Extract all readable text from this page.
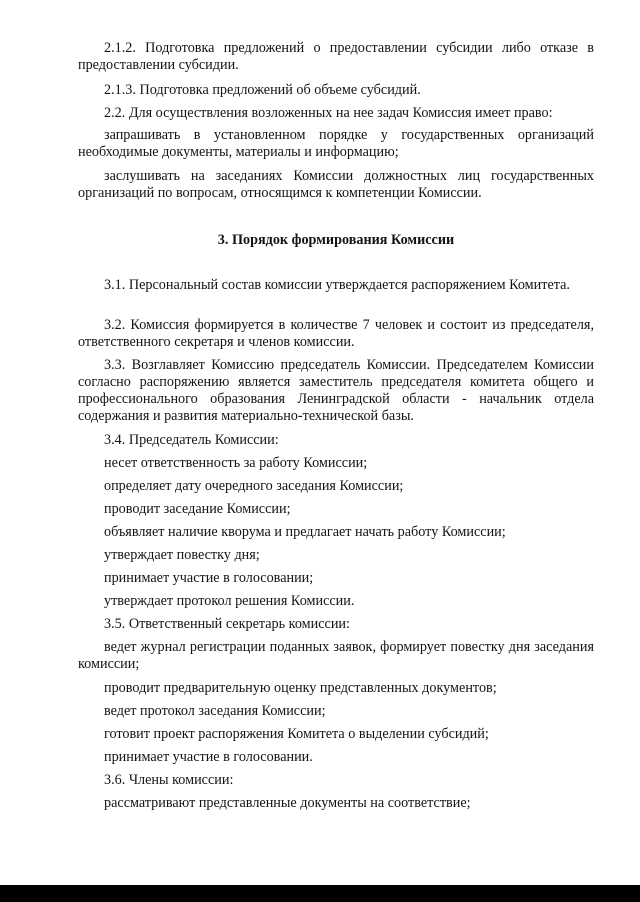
2.1.2. Подготовка предложений о предоставлении субсидии либо отказе в предоставлении субсидии.

2.1.3. Подготовка предложений об объеме субсидий.

2.2. Для осуществления возложенных на нее задач Комиссия имеет право:

запрашивать в установленном порядке у государственных организаций необходимые документы, материалы и информацию;

заслушивать на заседаниях Комиссии должностных лиц государственных организаций по вопросам, относящимся к компетенции Комиссии.

3. Порядок формирования Комиссии

3.1. Персональный состав комиссии утверждается распоряжением Комитета.

3.2. Комиссия формируется в количестве 7 человек и состоит из председателя, ответственного секретаря и членов комиссии.

3.3. Возглавляет Комиссию председатель Комиссии. Председателем Комиссии согласно распоряжению является заместитель председателя комитета общего и профессионального образования Ленинградской области - начальник отдела содержания и развития материально-технической базы.

3.4. Председатель Комиссии:

несет ответственность за работу Комиссии;

определяет дату очередного заседания Комиссии;

проводит заседание Комиссии;

объявляет наличие кворума и предлагает начать работу Комиссии;

утверждает повестку дня;

принимает участие в голосовании;

утверждает протокол решения Комиссии.

3.5. Ответственный секретарь комиссии:

ведет журнал регистрации поданных заявок, формирует повестку дня заседания комиссии;

проводит предварительную оценку представленных документов;

ведет протокол заседания Комиссии;

готовит проект распоряжения Комитета о выделении субсидий;

принимает участие в голосовании.

3.6. Члены комиссии:

рассматривают представленные документы на соответствие;
